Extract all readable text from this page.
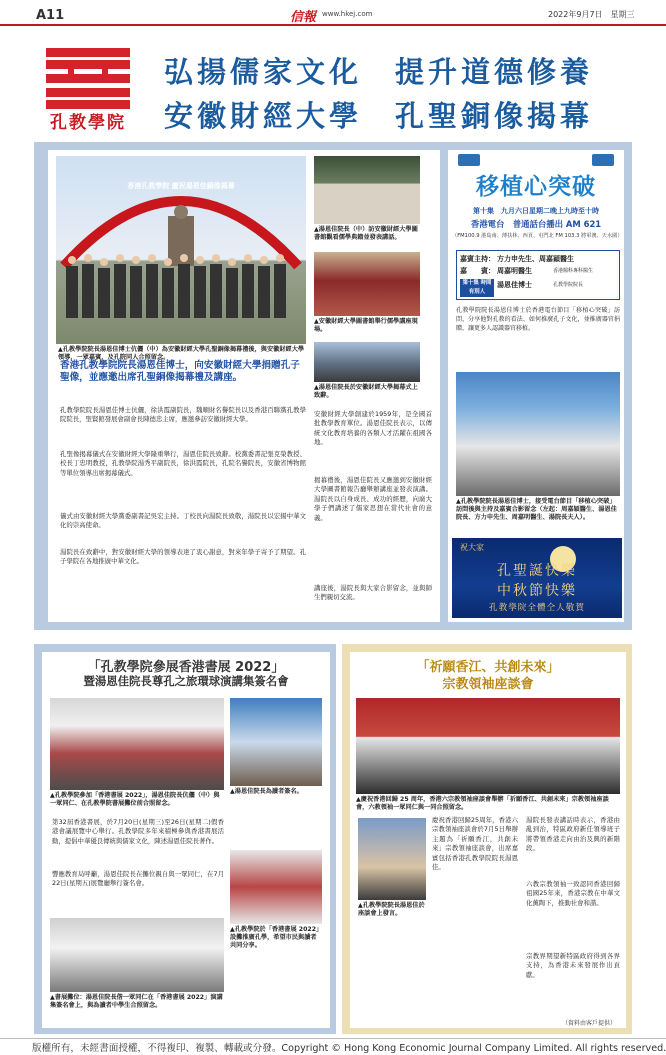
A11	信報 www.hkej.com	2022年9月7日　星期三
孔教學院
弘揚儒家文化　提升道德修養
安徽財經大學　孔聖銅像揭幕
香港孔教學院 慶祝湯恩佳銅像揭幕
▲孔教學院院長湯恩佳博士伉儷（中）為安徽財經大學孔聖銅像揭幕禮後，與安徽財經大學領導，一眾嘉賓，及孔院同人合照留念。
▲湯恩佳院長（中）訪安徽財經大學圖書館觀看儒學典籍並發表講話。
▲安徽財經大學圖書館舉行儒學講座現場。
▲湯恩佳院長於安徽財經大學揭幕式上致辭。
香港孔教學院院長湯恩佳博士，向安徽財經大學捐贈孔子聖像，並應邀出席孔聖銅像揭幕禮及講座。
孔教學院院長湯恩佳博士伉儷，徐洪霞副院長，魏順財名譽院長以及香港百聯黨孔教學院院長，聖賢館發展會副會長陳德忠主席，應邀參訪安徽財經大學。
孔聖像揭幕儀式在安徽財經大學隆重舉行，湯恩佳院長致辭。校黨委書記張克榮教授、校長丁忠明教授，孔教學院湯秀平副院長，徐洪霞院長，孔院名譽院長，安徽省博物館等單位領導出席揭幕儀式。
儀式由安徽財經大學黨委副書記吳宏主持。丁校長向湯院長致敬，湯院長以宏揚中華文化的崇高使命。
湯院長在致辭中，對安徽財經大學的領導表達了衷心謝意，對來年學子寄予了期望。孔子學院在各地推廣中華文化。
安徽財經大學創建於1959年，是全國首批教學教育單位。湯恩佳院長表示，以傳統文化教育培養的各類人才活躍在祖國各地。
揭幕禮後，湯恩佳院長又應邀到安徽財經大學圖書館報告廳舉辦講座並發表演講。湯院長以自身成長、成功的經歷，向廣大學子們講述了儒家思想在當代社會的意義。
講座後，湯院長與大家合影留念，並與師生們親切交流。
移植心突破
第十集　九月六日星期二晚上九時至十時
香港電台　普通話台播出 AM 621
（FM100.9 港島南、薄扶林、西貢、屯門北 FM 103.3 將軍澳、天水圍）
嘉賓主持： 方力申先生、周嘉穎醫生
嘉　　賓： 周嘉明醫生	香港醫科專科醫生
第十集 時間有別人
湯恩佳博士	孔教學院院長
孔教學院院長湯恩佳博士於香港電台節目「移植心突破」訪問，分享他對孔教的看法、如何推廣孔子文化，並推廣器官捐贈，讓更多人認識器官移植。
▲孔教學院院長湯恩佳博士，接受電台節目「移植心突破」訪問後與主持及嘉賓合影留念（左起：周嘉穎醫生、湯恩佳院長、方力申先生、周嘉明醫生、湯院長夫人）。
祝大家
孔聖誕快樂
中秋節快樂
孔教學院全體仝人敬賀
「孔教學院參展香港書展 2022」
暨湯恩佳院長尊孔之旅環球演講集簽名會
▲孔教學院參加「香港書展 2022」，湯恩佳院長伉儷（中）與一眾同仁、在孔教學院書展攤位前合照留念。
▲湯恩佳院長為讀者簽名。
第32屆香港書展，於7月20日(星期三)至26日(星期二)假香港會議展覽中心舉行。孔教學院多年來積極參與香港書展活動，提倡中華優良傳統與儒家文化，陳述湯恩佳院長著作。
響應教育局呼籲，湯恩佳院長在攤位親自與一眾同仁，在7月22日(星期五)展覽廳舉行簽名會。
▲孔教學院於「香港書展 2022」設攤推廣孔學，希望市民與讀者共同分享。
▲書展攤位：湯恩佳院長偕一眾同仁在「香港書展 2022」演講集簽名會上，與為讀者中學生合照留念。
「祈願香江、共創未來」
宗教領袖座談會
▲慶祝香港回歸 25 周年，香港六宗教領袖座談會舉辦「祈願香江、共創未來」宗教領袖座談會，六教領袖一眾同仁與一同合照留念。
▲孔教學院院長湯恩佳於座談會上發言。
慶祝香港回歸25周年，香港六宗教領袖座談會於7月5日舉辦主題為「祈願香江，共創未來」宗教領袖座談會，出席嘉賓包括香港孔教學院院長湯恩佳。
湯院長發表講話時表示，香港由亂到治，特區政府新任領導班子將帶領香港走向由治及興的新階段。
六教宗教領袖一致認同香港回歸祖國25年來，香港宗教在中華文化薰陶下，推動社會和諧。
宗教界期望新特區政府得到各界支持，為香港未來發展作出貢獻。
（資料由客戶提供）
版權所有，未經書面授權，不得複印、複製、轉載或分發。Copyright © Hong Kong Economic Journal Company Limited. All rights reserved.
